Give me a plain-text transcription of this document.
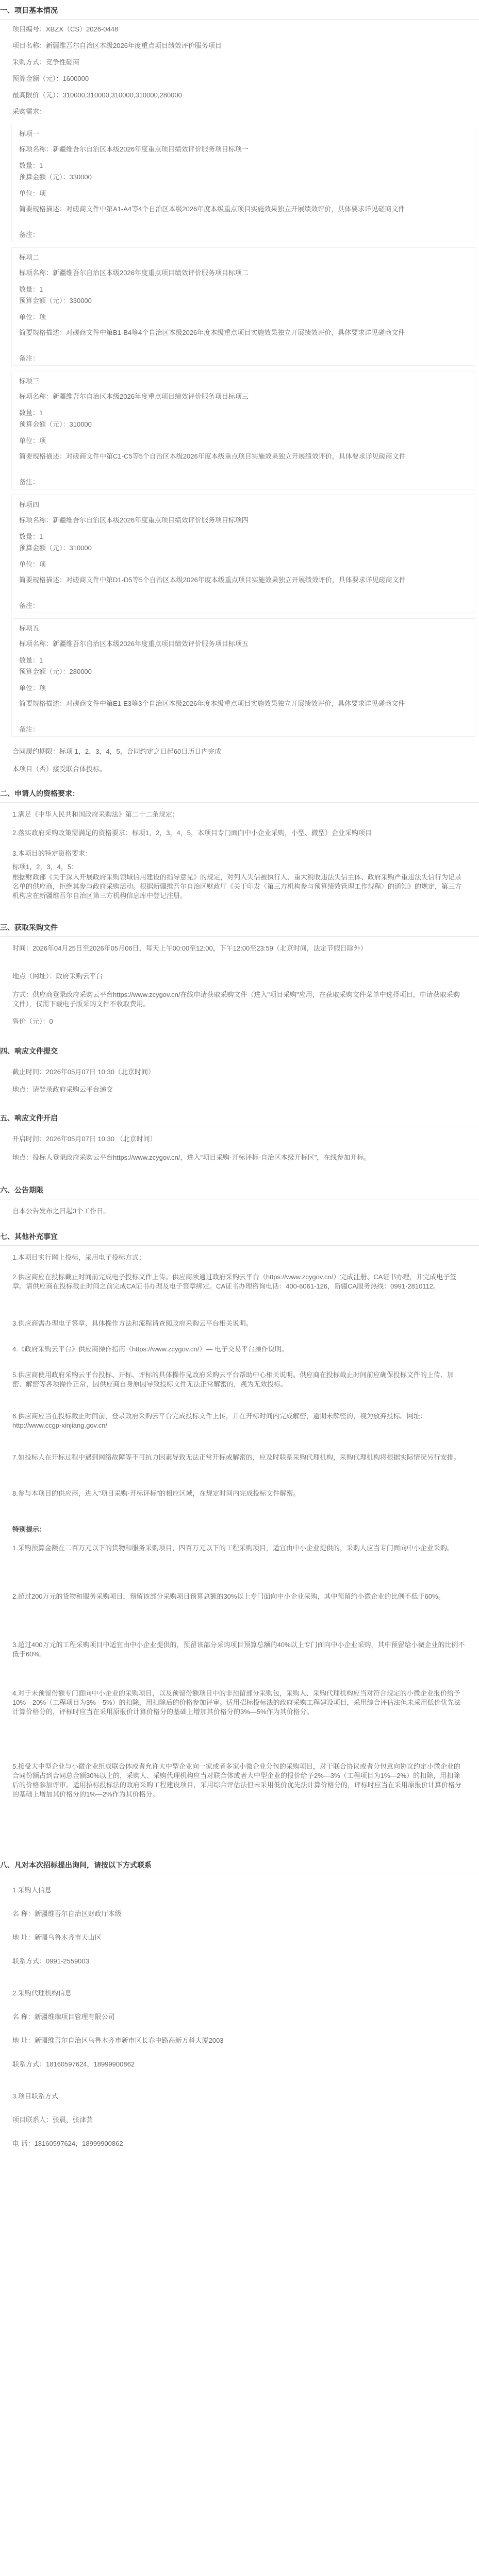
一、项目基本情况
项目编号：XBZX（CS）2026-0448
项目名称：新疆维吾尔自治区本级2026年度重点项目绩效评价服务项目
采购方式：竞争性磋商
预算金额（元）：1600000
最高限价（元）：310000,310000,310000,310000,280000
采购需求：
标项一
标项名称：新疆维吾尔自治区本级2026年度重点项目绩效评价服务项目标项一
数量：1
预算金额（元）：330000
单位：项
简要规格描述：对磋商文件中第A1-A4等4个自治区本级2026年度本级重点项目实施效果独立开展绩效评价，具体要求详见磋商文件
备注：
标项二
标项名称：新疆维吾尔自治区本级2026年度重点项目绩效评价服务项目标项二
数量：1
预算金额（元）：330000
单位：项
简要规格描述：对磋商文件中第B1-B4等4个自治区本级2026年度本级重点项目实施效果独立开展绩效评价，具体要求详见磋商文件
备注：
标项三
标项名称：新疆维吾尔自治区本级2026年度重点项目绩效评价服务项目标项三
数量：1
预算金额（元）：310000
单位：项
简要规格描述：对磋商文件中第C1-C5等5个自治区本级2026年度本级重点项目实施效果独立开展绩效评价，具体要求详见磋商文件
备注：
标项四
标项名称：新疆维吾尔自治区本级2026年度重点项目绩效评价服务项目标项四
数量：1
预算金额（元）：310000
单位：项
简要规格描述：对磋商文件中第D1-D5等5个自治区本级2026年度本级重点项目实施效果独立开展绩效评价，具体要求详见磋商文件
备注：
标项五
标项名称：新疆维吾尔自治区本级2026年度重点项目绩效评价服务项目标项五
数量：1
预算金额（元）：280000
单位：项
简要规格描述：对磋商文件中第E1-E3等3个自治区本级2026年度本级重点项目实施效果独立开展绩效评价，具体要求详见磋商文件
备注：
合同履约期限：标项 1，2，3，4，5，合同约定之日起60日历日内完成
本项目（否）接受联合体投标。
二、申请人的资格要求：
1.满足《中华人民共和国政府采购法》第二十二条规定；
2.落实政府采购政策需满足的资格要求：标项1，2，3，4，5，本项目专门面向中小企业采购，小型、微型）企业采购项目
3.本项目的特定资格要求：
标项1，2，3，4，5：
根据财政部《关于深入开展政府采购领域信用建设的指导意见》的规定，对列入失信被执行人、重大税收违法失信主体、政府采购严重违法失信行为记录名单的供应商，拒绝其参与政府采购活动。根据新疆维吾尔自治区财政厅《关于印发〈第三方机构参与预算绩效管理工作规程〉的通知》的规定，第三方机构应在新疆维吾尔自治区第三方机构信息库中登记注册。
三、获取采购文件
时间：2026年04月25日至2026年05月06日，每天上午00:00至12:00，下午12:00至23:59（北京时间，法定节假日除外）
地点（网址）：政府采购云平台
方式：供应商登录政府采购云平台https://www.zcygov.cn/在线申请获取采购文件（进入"项目采购"应用，在获取采购文件菜单中选择项目，申请获取采购文件），仅需下载电子版采购文件不收取费用。
售价（元）：0
四、响应文件提交
截止时间：2026年05月07日 10:30（北京时间）
地点：请登录政府采购云平台递交
五、响应文件开启
开启时间：2026年05月07日 10:30 （北京时间）
地点：投标人登录政府采购云平台https://www.zcygov.cn/，进入"项目采购-开标评标-自治区本级开标区"，在线参加开标。
六、公告期限
自本公告发布之日起3个工作日。
七、其他补充事宜
1.本项目实行网上投标，采用电子投标方式；
2.供应商应在投标截止时间前完成电子投标文件上传。供应商须通过政府采购云平台（https://www.zcygov.cn/）完成注册、CA证书办理，并完成电子签章。请供应商在投标截止时间之前完成CA证书办理及电子签章绑定。CA证书办理咨询电话：400-6061-126，新疆CA服务热线：0991-2810112。
3.供应商需办理电子签章、具体操作方法和流程请查阅政府采购云平台相关说明。
4.《政府采购云平台》供应商操作指南（https://www.zcygov.cn/）— 电子交易平台操作说明。
5.供应商使用政府采购云平台投标、开标、评标的具体操作见政府采购云平台帮助中心相关说明。供应商在投标截止时间前应确保投标文件的上传、加密、解密等各项操作正常，因供应商自身原因导致投标文件无法正常解密的，视为无效投标。
6.供应商应当在投标截止时间前，登录政府采购云平台完成投标文件上传，并在开标时间内完成解密，逾期未解密的，视为放弃投标。网址：http://www.ccgp-xinjiang.gov.cn/
7.如投标人在开标过程中遇到网络故障等不可抗力因素导致无法正常开标或解密的，应及时联系采购代理机构，采购代理机构将根据实际情况另行安排。
8.参与本项目的供应商，进入"项目采购-开标评标"的相应区域，在规定时间内完成投标文件解密。
特别提示：
1.采购预算金额在二百万元以下的货物和服务采购项目，四百万元以下的工程采购项目，适宜由中小企业提供的，采购人应当专门面向中小企业采购。
2.超过200万元的货物和服务采购项目，预留该部分采购项目预算总额的30%以上专门面向中小企业采购，其中预留给小微企业的比例不低于60%。
3.超过400万元的工程采购项目中适宜由中小企业提供的，预留该部分采购项目预算总额的40%以上专门面向中小企业采购，其中预留给小微企业的比例不低于60%。
4.对于未预留份额专门面向中小企业的采购项目，以及预留份额项目中的非预留部分采购包，采购人、采购代理机构应当对符合规定的小微企业报价给予10%—20%（工程项目为3%—5%）的扣除，用扣除后的价格参加评审。适用招标投标法的政府采购工程建设项目，采用综合评估法但未采用低价优先法计算价格分的，评标时应当在采用原报价计算价格分的基础上增加其价格分的3%—5%作为其价格分。
5.接受大中型企业与小微企业组成联合体或者允许大中型企业向一家或者多家小微企业分包的采购项目，对于联合协议或者分包意向协议约定小微企业的合同份额占到合同总金额30%以上的，采购人、采购代理机构应当对联合体或者大中型企业的报价给予2%—3%（工程项目为1%—2%）的扣除，用扣除后的价格参加评审。适用招标投标法的政府采购工程建设项目，采用综合评估法但未采用低价优先法计算价格分的，评标时应当在采用原报价计算价格分的基础上增加其价格分的1%—2%作为其价格分。
八、凡对本次招标提出询问，请按以下方式联系
1.采购人信息
名 称：新疆维吾尔自治区财政厅本级
地 址：新疆乌鲁木齐市天山区
联系方式：0991-2559003
2.采购代理机构信息
名 称：新疆维瑞项目管理有限公司
地 址：新疆维吾尔自治区乌鲁木齐市新市区长春中路高新万科大厦2003
联系方式：18160597624，18999900862
3.项目联系方式
项目联系人：张晨，张津芸
电 话：18160597624，18999900862
